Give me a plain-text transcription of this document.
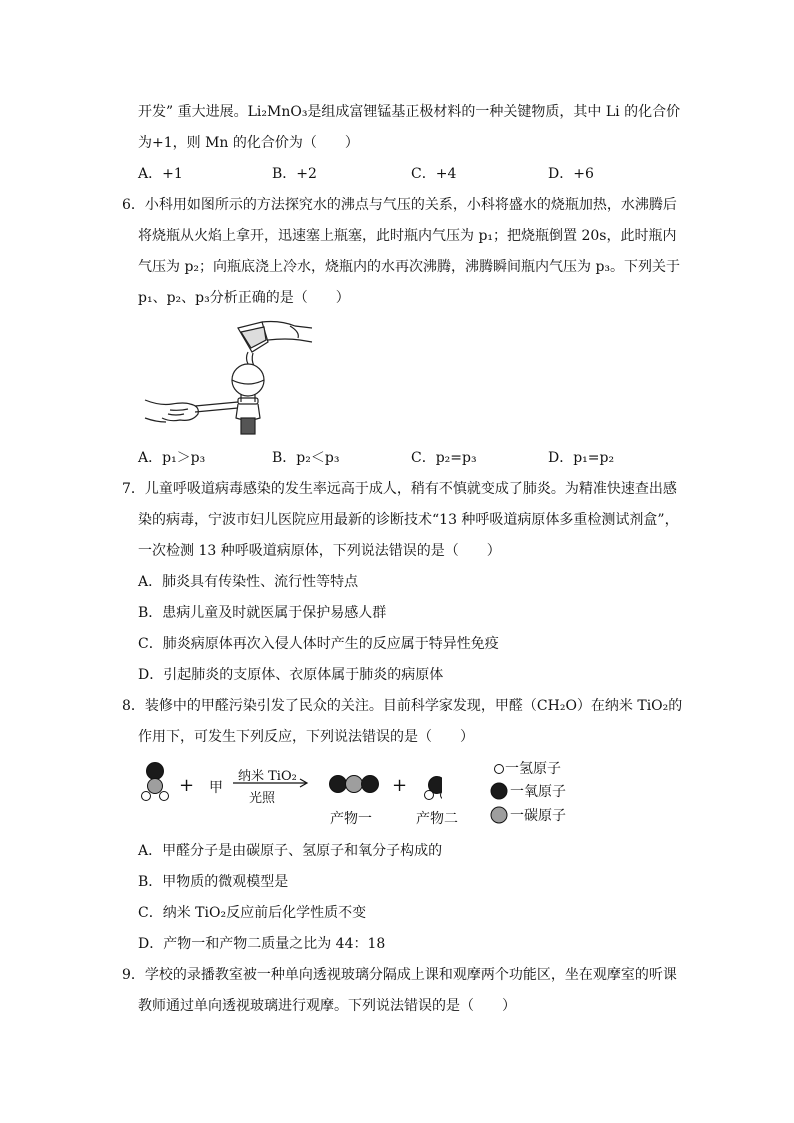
开发” 重大进展。Li₂MnO₃是组成富锂锰基正极材料的一种关键物质，其中 Li 的化合价
为+1，则 Mn 的化合价为（　　）
A．+1	B．+2	C．+4	D．+6
6．小科用如图所示的方法探究水的沸点与气压的关系，小科将盛水的烧瓶加热，水沸腾后
将烧瓶从火焰上拿开，迅速塞上瓶塞，此时瓶内气压为 p₁；把烧瓶倒置 20s，此时瓶内
气压为 p₂；向瓶底浇上冷水，烧瓶内的水再次沸腾，沸腾瞬间瓶内气压为 p₃。下列关于
p₁、p₂、p₃分析正确的是（　　）
A．p₁＞p₃	B．p₂＜p₃	C．p₂=p₃	D．p₁=p₂
7．儿童呼吸道病毒感染的发生率远高于成人，稍有不慎就变成了肺炎。为精准快速查出感
染的病毒，宁波市妇儿医院应用最新的诊断技术“13 种呼吸道病原体多重检测试剂盒”，
一次检测 13 种呼吸道病原体，下列说法错误的是（　　）
A．肺炎具有传染性、流行性等特点
B．患病儿童及时就医属于保护易感人群
C．肺炎病原体再次入侵人体时产生的反应属于特异性免疫
D．引起肺炎的支原体、衣原体属于肺炎的病原体
8．装修中的甲醛污染引发了民众的关注。目前科学家发现，甲醛（CH₂O）在纳米 TiO₂的
作用下，可发生下列反应，下列说法错误的是（　　）
+ 甲
纳米 TiO₂
光照
+
产物一	产物二
一氢原子
一氧原子
一碳原子
A．甲醛分子是由碳原子、氢原子和氧分子构成的
B．甲物质的微观模型是
C．纳米 TiO₂反应前后化学性质不变
D．产物一和产物二质量之比为 44：18
9．学校的录播教室被一种单向透视玻璃分隔成上课和观摩两个功能区，坐在观摩室的听课
教师通过单向透视玻璃进行观摩。下列说法错误的是（　　）
